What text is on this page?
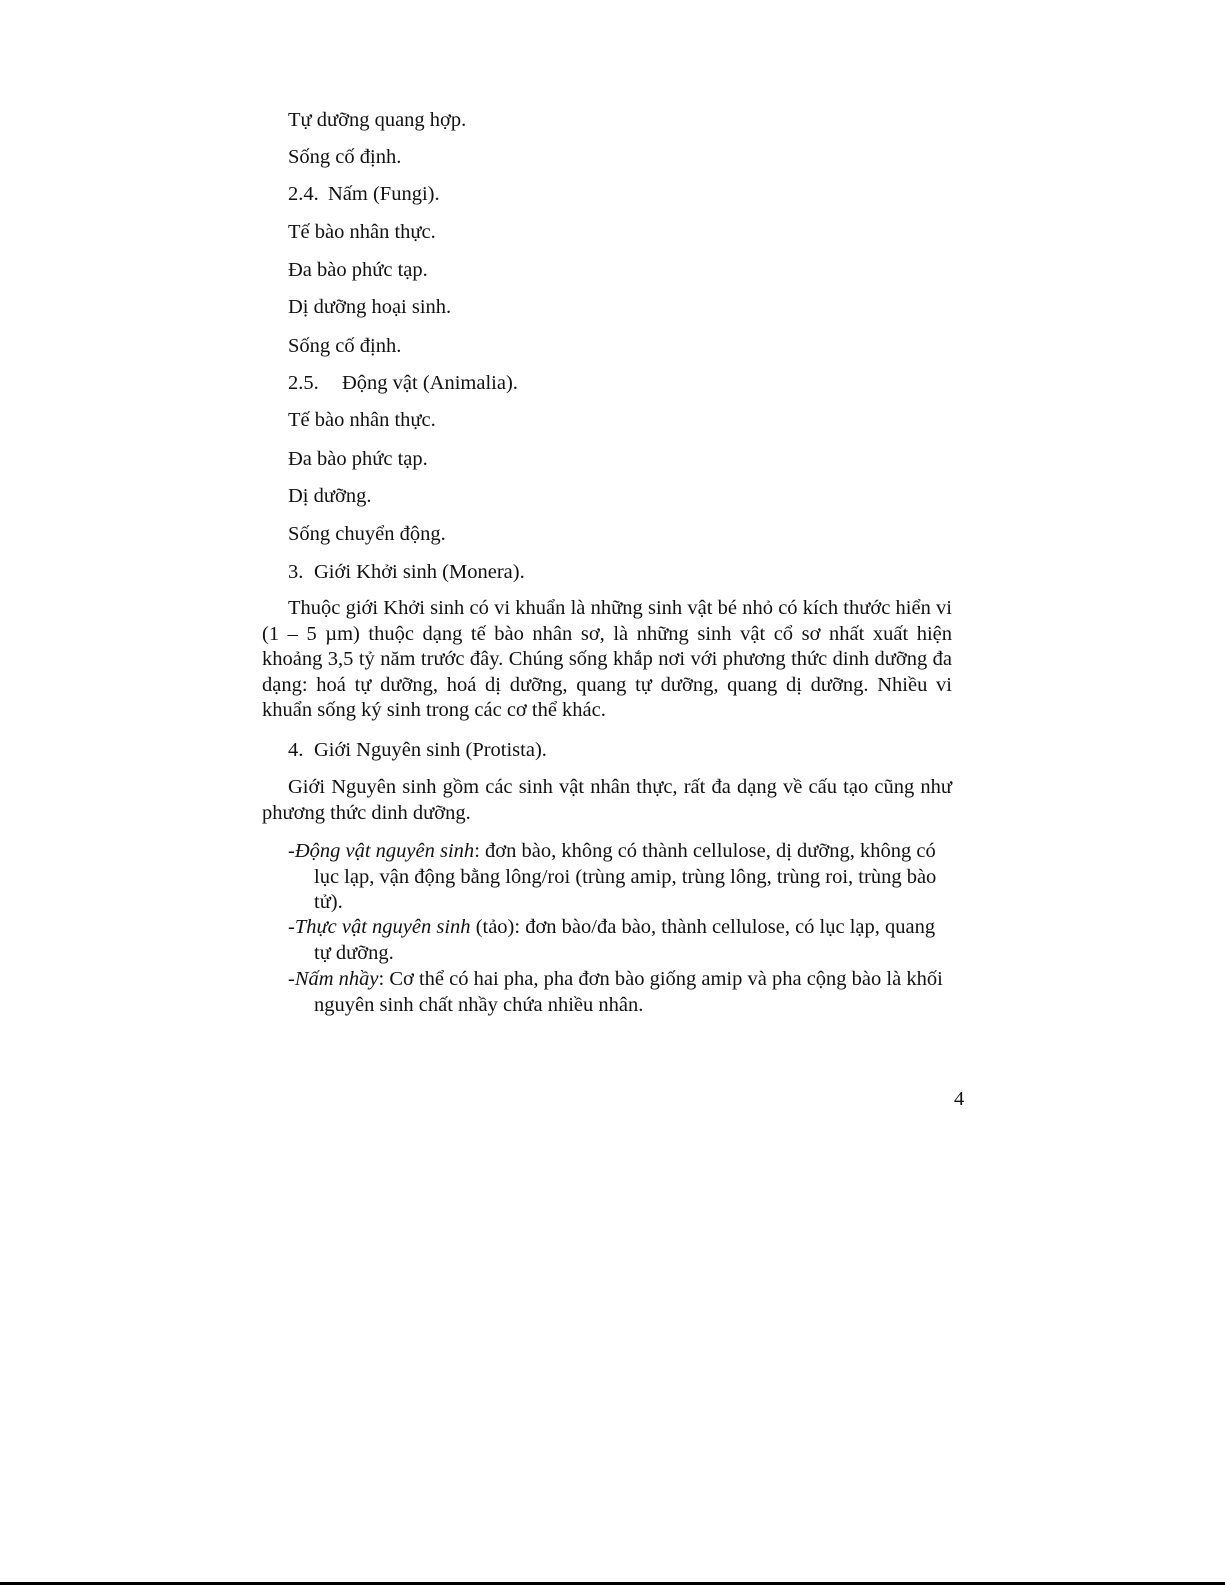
Tự dưỡng quang hợp.
Sống cố định.
2.4. Nấm (Fungi).
Tế bào nhân thực.
Đa bào phức tạp.
Dị dưỡng hoại sinh.
Sống cố định.
2.5. Động vật (Animalia).
Tế bào nhân thực.
Đa bào phức tạp.
Dị dưỡng.
Sống chuyển động.
3. Giới Khởi sinh (Monera).
Thuộc giới Khởi sinh có vi khuẩn là những sinh vật bé nhỏ có kích thước hiển vi (1 – 5 µm) thuộc dạng tế bào nhân sơ, là những sinh vật cổ sơ nhất xuất hiện khoảng 3,5 tỷ năm trước đây. Chúng sống khắp nơi với phương thức dinh dưỡng đa dạng: hoá tự dưỡng, hoá dị dưỡng, quang tự dưỡng, quang dị dưỡng. Nhiều vi khuẩn sống ký sinh trong các cơ thể khác.
4. Giới Nguyên sinh (Protista).
Giới Nguyên sinh gồm các sinh vật nhân thực, rất đa dạng về cấu tạo cũng như phương thức dinh dưỡng.
-Động vật nguyên sinh: đơn bào, không có thành cellulose, dị dưỡng, không có lục lạp, vận động bằng lông/roi (trùng amip, trùng lông, trùng roi, trùng bào tử).
-Thực vật nguyên sinh (tảo): đơn bào/đa bào, thành cellulose, có lục lạp, quang tự dưỡng.
-Nấm nhầy: Cơ thể có hai pha, pha đơn bào giống amip và pha cộng bào là khối nguyên sinh chất nhầy chứa nhiều nhân.
4
